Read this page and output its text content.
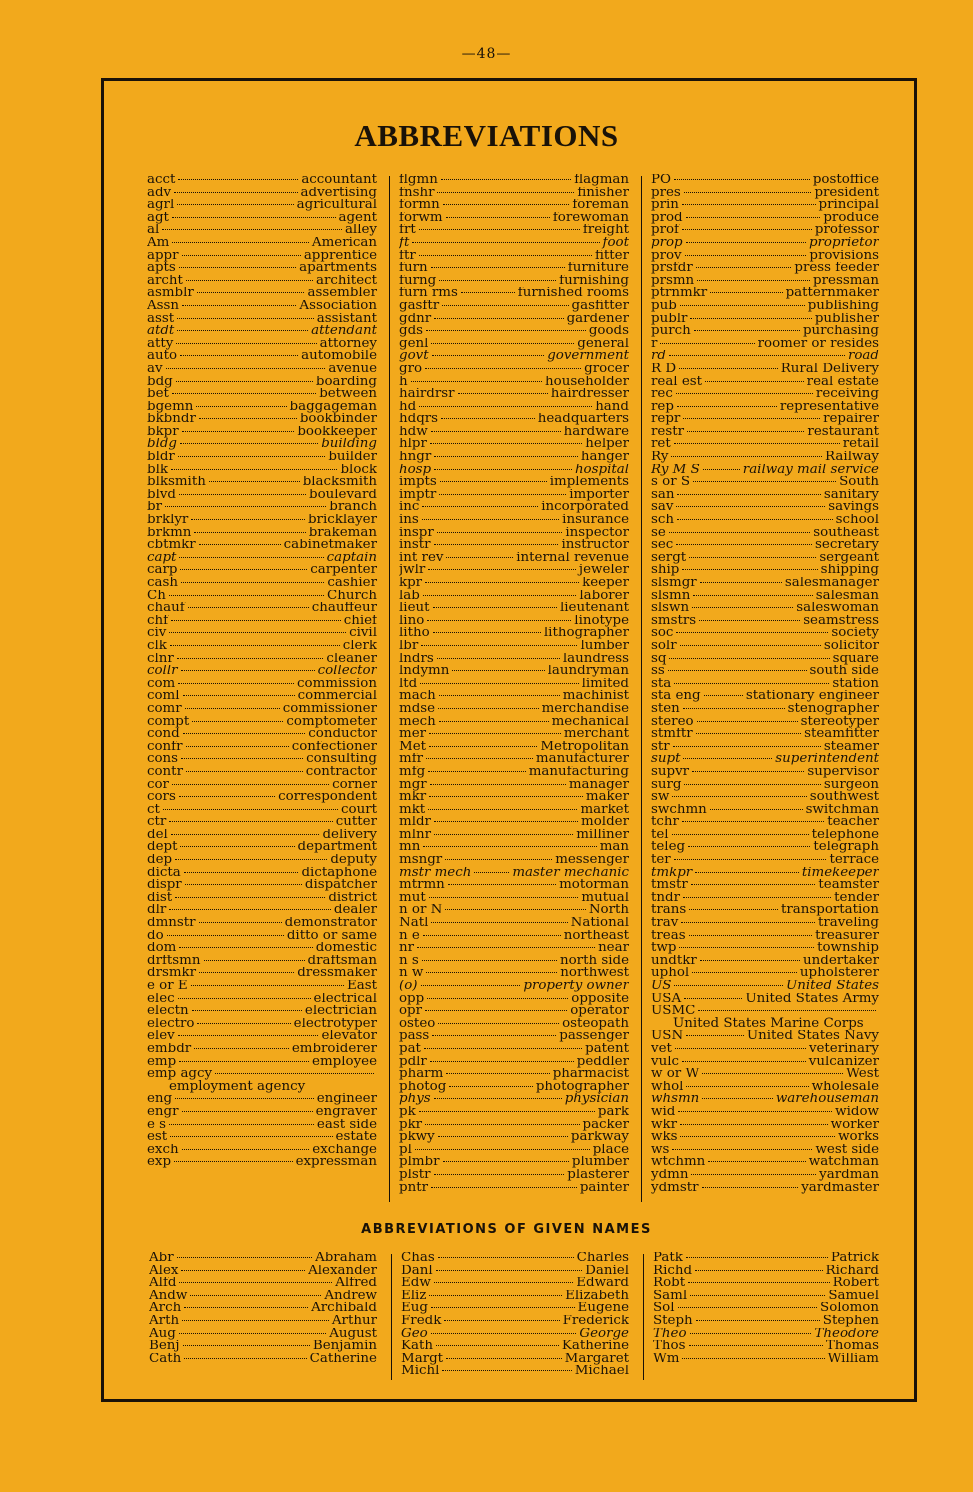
—48—
ABBREVIATIONS
acct	accountant
adv	advertising
agrl	agricultural
agt	agent
al	alley
Am	American
appr	apprentice
apts	apartments
archt	architect
asmblr	assembler
Assn	Association
asst	assistant
atdt	attendant
atty	attorney
auto	automobile
av	avenue
bdg	boarding
bet	between
bgemn	baggageman
bkbndr	bookbinder
bkpr	bookkeeper
bldg	building
bldr	builder
blk	block
blksmith	blacksmith
blvd	boulevard
br	branch
brklyr	bricklayer
brkmn	brakeman
cbtmkr	cabinetmaker
capt	captain
carp	carpenter
cash	cashier
Ch	Church
chauf	chauffeur
chf	chief
civ	civil
clk	clerk
clnr	cleaner
collr	collector
com	commission
coml	commercial
comr	commissioner
compt	comptometer
cond	conductor
confr	confectioner
cons	consulting
contr	contractor
cor	corner
cors	correspondent
ct	court
ctr	cutter
del	delivery
dept	department
dep	deputy
dicta	dictaphone
dispr	dispatcher
dist	district
dlr	dealer
dmnstr	demonstrator
do	ditto or same
dom	domestic
drftsmn	draftsman
drsmkr	dressmaker
e or E	East
elec	electrical
electn	electrician
electro	electrotyper
elev	elevator
embdr	embroiderer
emp	employee
emp agcy
employment agency
eng	engineer
engr	engraver
e s	east side
est	estate
exch	exchange
exp	expressman
flgmn	flagman
fnshr	finisher
formn	foreman
forwm	forewoman
frt	freight
ft	foot
ftr	fitter
furn	furniture
furng	furnishing
furn rms	furnished rooms
gasftr	gasfitter
gdnr	gardener
gds	goods
genl	general
govt	government
gro	grocer
h	householder
hairdrsr	hairdresser
hd	hand
hdqrs	headquarters
hdw	hardware
hlpr	helper
hngr	hanger
hosp	hospital
impts	implements
imptr	importer
inc	incorporated
ins	insurance
inspr	inspector
instr	instructor
int rev	internal revenue
jwlr	jeweler
kpr	keeper
lab	laborer
lieut	lieutenant
lino	linotype
litho	lithographer
lbr	lumber
lndrs	laundress
lndymn	laundryman
ltd	limited
mach	machinist
mdse	merchandise
mech	mechanical
mer	merchant
Met	Metropolitan
mfr	manufacturer
mfg	manufacturing
mgr	manager
mkr	maker
mkt	market
mldr	molder
mlnr	milliner
mn	man
msngr	messenger
mstr mech	master mechanic
mtrmn	motorman
mut	mutual
n or N	North
Natl	National
n e	northeast
nr	near
n s	north side
n w	northwest
(o)	property owner
opp	opposite
opr	operator
osteo	osteopath
pass	passenger
pat	patent
pdlr	peddler
pharm	pharmacist
photog	photographer
phys	physician
pk	park
pkr	packer
pkwy	parkway
pl	place
plmbr	plumber
plstr	plasterer
pntr	painter
PO	postoffice
pres	president
prin	principal
prod	produce
prof	professor
prop	proprietor
prov	provisions
prsfdr	press feeder
prsmn	pressman
ptrnmkr	patternmaker
pub	publishing
publr	publisher
purch	purchasing
r	roomer or resides
rd	road
R D	Rural Delivery
real est	real estate
rec	receiving
rep	representative
repr	repairer
restr	restaurant
ret	retail
Ry	Railway
Ry M S	railway mail service
s or S	South
san	sanitary
sav	savings
sch	school
se	southeast
sec	secretary
sergt	sergeant
ship	shipping
slsmgr	salesmanager
slsmn	salesman
slswn	saleswoman
smstrs	seamstress
soc	society
solr	solicitor
sq	square
ss	south side
sta	station
sta eng	stationary engineer
sten	stenographer
stereo	stereotyper
stmftr	steamfitter
str	steamer
supt	superintendent
supvr	supervisor
surg	surgeon
sw	southwest
swchmn	switchman
tchr	teacher
tel	telephone
teleg	telegraph
ter	terrace
tmkpr	timekeeper
tmstr	teamster
tndr	tender
trans	transportation
trav	traveling
treas	treasurer
twp	township
undtkr	undertaker
uphol	upholsterer
US	United States
USA	United States Army
USMC
United States Marine Corps
USN	United States Navy
vet	veterinary
vulc	vulcanizer
w or W	West
whol	wholesale
whsmn	warehouseman
wid	widow
wkr	worker
wks	works
ws	west side
wtchmn	watchman
ydmn	yardman
ydmstr	yardmaster
ABBREVIATIONS OF GIVEN NAMES
Abr	Abraham
Alex	Alexander
Alfd	Alfred
Andw	Andrew
Arch	Archibald
Arth	Arthur
Aug	August
Benj	Benjamin
Cath	Catherine
Chas	Charles
Danl	Daniel
Edw	Edward
Eliz	Elizabeth
Eug	Eugene
Fredk	Frederick
Geo	George
Kath	Katherine
Margt	Margaret
Michl	Michael
Patk	Patrick
Richd	Richard
Robt	Robert
Saml	Samuel
Sol	Solomon
Steph	Stephen
Theo	Theodore
Thos	Thomas
Wm	William
